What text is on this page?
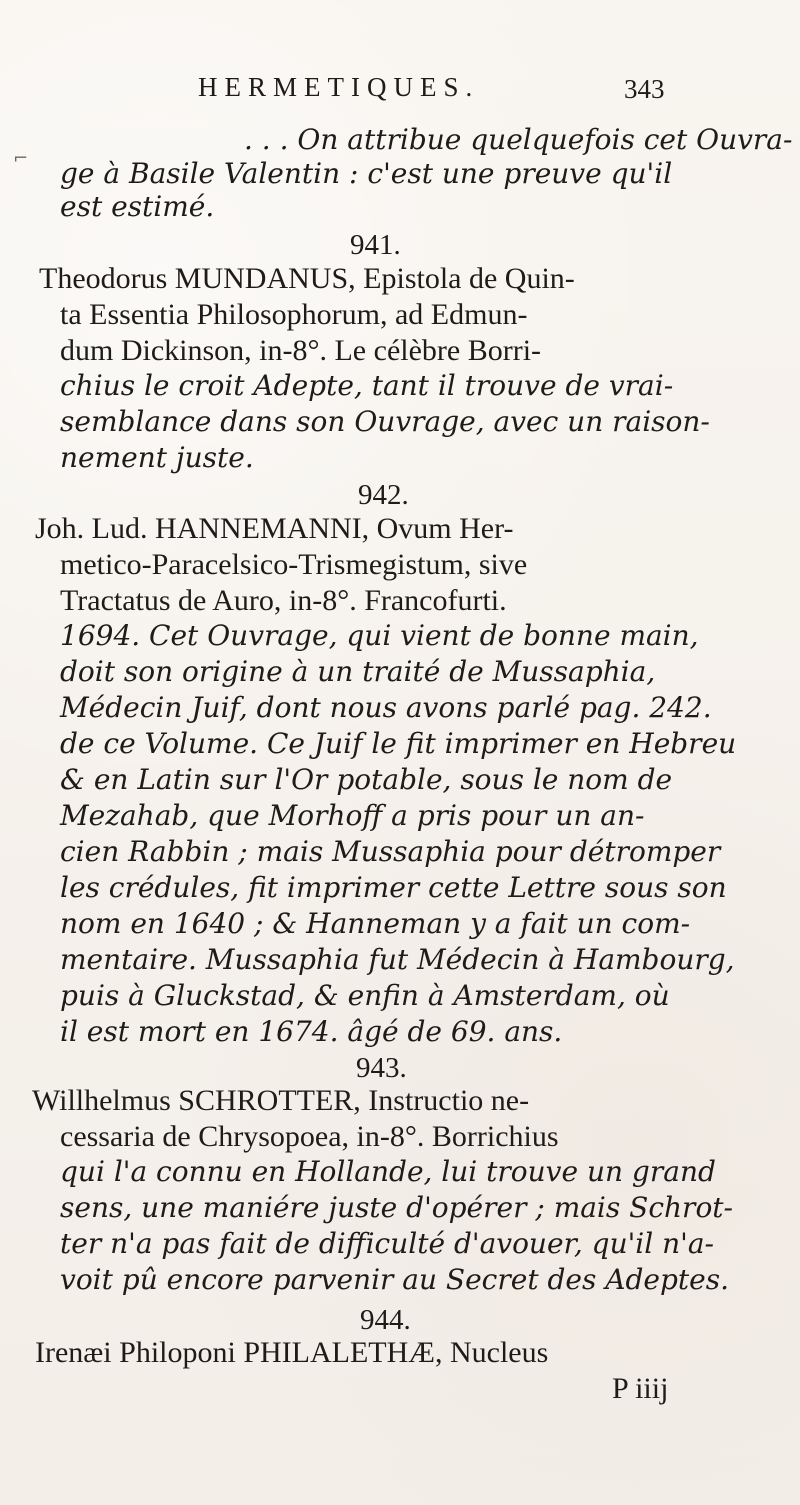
HERMETIQUES.	343
⌐
. . . On attribue quelquefois cet Ouvra-
ge à Basile Valentin : c'est une preuve qu'il
est estimé.
941.
Theodorus MUNDANUS, Epistola de Quin-
ta Essentia Philosophorum, ad Edmun-
dum Dickinson, in-8°. Le célèbre Borri-
chius le croit Adepte, tant il trouve de vrai-
semblance dans son Ouvrage, avec un raison-
nement juste.
942.
Joh. Lud. HANNEMANNI, Ovum Her-
metico-Paracelsico-Trismegistum, sive
Tractatus de Auro, in-8°. Francofurti.
1694. Cet Ouvrage, qui vient de bonne main,
doit son origine à un traité de Mussaphia,
Médecin Juif, dont nous avons parlé pag. 242.
de ce Volume. Ce Juif le fit imprimer en Hebreu
& en Latin sur l'Or potable, sous le nom de
Mezahab, que Morhoff a pris pour un an-
cien Rabbin ; mais Mussaphia pour détromper
les crédules, fit imprimer cette Lettre sous son
nom en 1640 ; & Hanneman y a fait un com-
mentaire. Mussaphia fut Médecin à Hambourg,
puis à Gluckstad, & enfin à Amsterdam, où
il est mort en 1674. âgé de 69. ans.
943.
Willhelmus SCHROTTER, Instructio ne-
cessaria de Chrysopoea, in-8°. Borrichius
qui l'a connu en Hollande, lui trouve un grand
sens, une maniére juste d'opérer ; mais Schrot-
ter n'a pas fait de difficulté d'avouer, qu'il n'a-
voit pû encore parvenir au Secret des Adeptes.
944.
Irenæi Philoponi PHILALETHÆ, Nucleus
P iiij
